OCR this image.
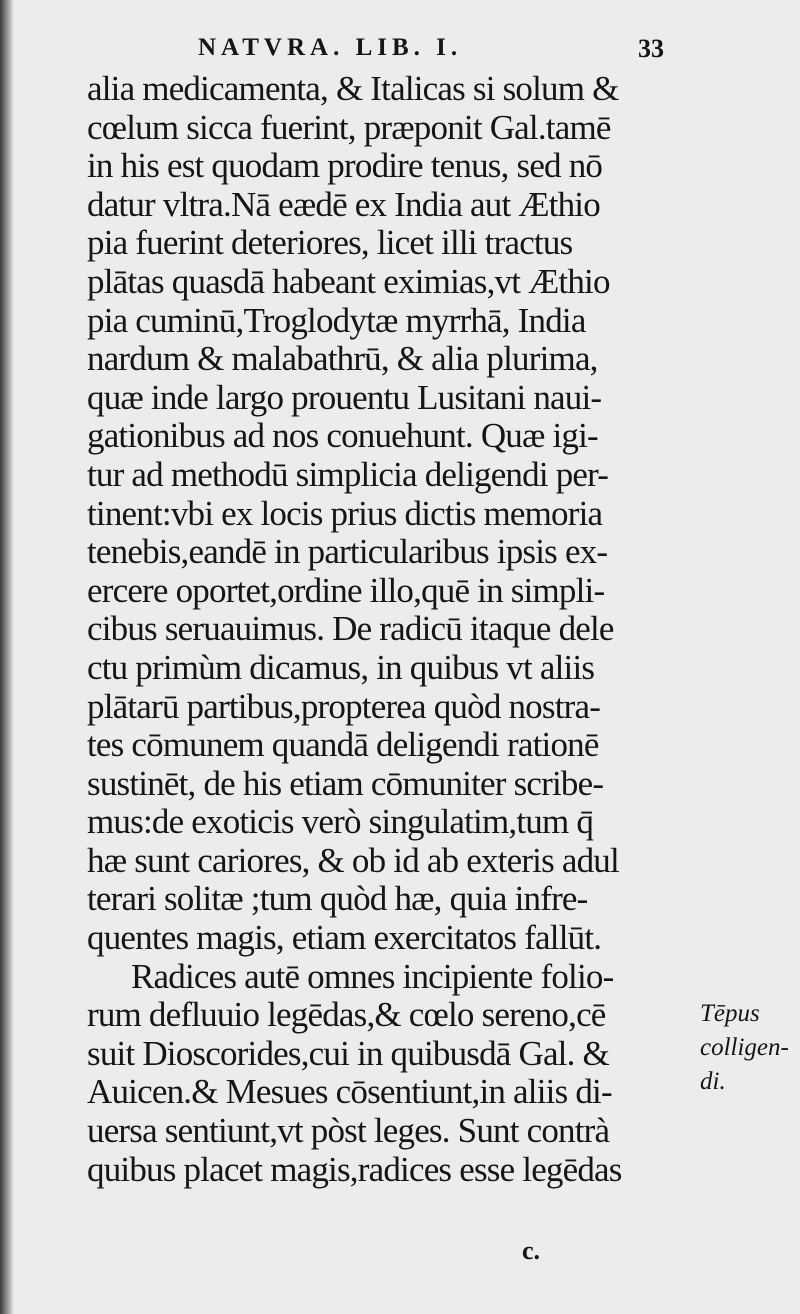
NATVRA. LIB. I.	33
alia medicamenta, & Italicas si solum &
cœlum sicca fuerint, præponit Gal.tamē
in his est quodam prodire tenus, sed nō
datur vltra.Nā eædē ex India aut Æthio
pia fuerint deteriores, licet illi tractus
plātas quasdā habeant eximias,vt Æthio
pia cuminū,Troglodytæ myrrhā, India
nardum & malabathrū, & alia plurima,
quæ inde largo prouentu Lusitani naui-
gationibus ad nos conuehunt. Quæ igi-
tur ad methodū simplicia deligendi per-
tinent:vbi ex locis prius dictis memoria
tenebis,eandē in particularibus ipsis ex-
ercere oportet,ordine illo,quē in simpli-
cibus seruauimus. De radicū itaque dele
ctu primùm dicamus, in quibus vt aliis
plātarū partibus,propterea quòd nostra-
tes cōmunem quandā deligendi rationē
sustinēt, de his etiam cōmuniter scribe-
mus:de exoticis verò singulatim,tum q̄
hæ sunt cariores, & ob id ab exteris adul
terari solitæ ;tum quòd hæ, quia infre-
quentes magis, etiam exercitatos fallūt.
Radices autē omnes incipiente folio-
rum defluuio legēdas,& cœlo sereno,cē
suit Dioscorides,cui in quibusdā Gal. &
Auicen.& Mesues cōsentiunt,in aliis di-
uersa sentiunt,vt pòst leges. Sunt contrà
quibus placet magis,radices esse legēdas
Tēpus
colligen-
di.
c.
